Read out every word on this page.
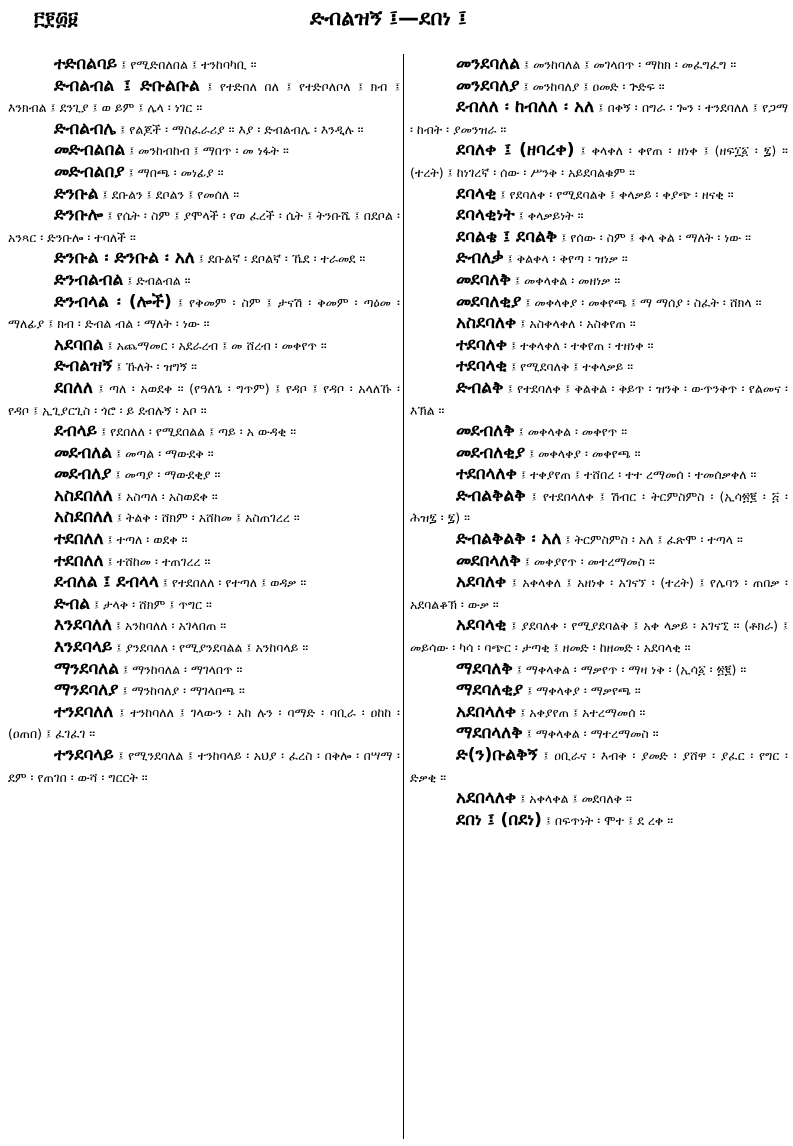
፫፻፴፱	ድብልዝኝ ፤—ደበነ ፤

ተድበልባይ ፤ የሚድበለበል ፤ ተንከባካቢ ።

ድብልብል ፤ ድቡልቡል ፤ የተድበለ በለ ፤ የተድቦለቦለ ፤ ክብ ፤ እንክብል ፤ ደንጊያ ፤ ወ ይም ፤ ሌላ ፡ ነገር ።

ድብልብሌ ፤ የልጆች ፡ ማስፈራሪያ ። እያ ፡ ድብልብሌ ፡ እንዲሉ ።

መድብልበል ፤ መንከብከብ ፤ ማበጥ ፡ መ ነፋት ።

መድብልበያ ፤ ማበጫ ፡ መነፊያ ።

ድንቡል ፤ ደቡልን ፤ ደቦልን ፤ የመሰለ ።

ድንቡሎ ፤ የሴት ፡ ስም ፤ ያሞላች ፡ የወ ፈረች ፡ ሴት ፤ ትንቡሼ ፤ በደቦል ፡ አንጻር ፡ ድንቡሎ ፡ ተባለች ።

ድንቡል ፡ ድንቡል ፡ አለ ፤ ደቡልኛ ፡ ደቦልኛ ፡ ኼደ ፡ ተራመደ ።

ድንብልብል ፤ ድብልብል ።

ድንብላል ፡ (ሎች) ፤ የቅመም ፡ ስም ፤ ታናሽ ፡ ቅመም ፡ ጣዕመ ፡ ማለፊያ ፤ ክብ ፡ ድብል ብል ፡ ማለት ፡ ነው ።

አደባበል ፤ አጨማመር ፡ አደራረብ ፤ መ ሸረብ ፡ መቀየጥ ።

ድብልዝኝ ፤ ኹለት ፡ ዝግኝ ።

ደበለለ ፤ ጣለ ፡ አወደቀ ። (የዓለጌ ፡ ግጥም) ፤ የዳቦ ፤ የዳቦ ፡ አላለኹ ፡ የዳቦ ፤ ኢጊያርጊስ ፡ ጎሮ ፡ ይ ደብሉኝ ፡ አቦ ።

ደብላይ ፤ የደበለለ ፡ የሚደበልል ፤ ጣይ ፡ አ ውዳቂ ።

መደብለል ፤ መጣል ፡ ማውደቅ ።

መደብለያ ፤ መጣያ ፡ ማውደቂያ ።

አስደበለለ ፤ አስጣለ ፡ አስወደቀ ።

አስደበለለ ፤ ትልቅ ፡ ሸክም ፡ አሸከመ ፤ አስጠገረረ ።

ተደበለለ ፤ ተጣለ ፡ ወደቀ ።

ተደበለለ ፤ ተሸከመ ፡ ተጠገረረ ።

ደብለል ፤ ደብላላ ፤ የተደበለለ ፡ የተጣለ ፤ ወዳቃ ።

ድብል ፤ ታላቅ ፡ ሸክም ፤ ጥግር ።

እንደባለለ ፤ አንከባለለ ፡ አገላበጠ ።

እንደባላይ ፤ ያንደባለለ ፡ የሚያንደባልል ፤ አንከባላይ ።

ማንደባለል ፤ ማንከባለል ፡ ማገላበጥ ።

ማንደባለያ ፤ ማንከባለያ ፡ ማገላበጫ ።

ተንደባለለ ፤ ተንከባለለ ፤ ገላውን ፡ አከ ሉን ፡ ባማድ ፡ ባቢራ ፡ ዐከከ ፡ (ዐጠበ) ፤ ፈገፈገ ።

ተንደባላይ ፤ የሚንደባለል ፤ ተንከባላይ ፡ አህያ ፡ ፈረስ ፡ በቅሎ ፡ በሣማ ፡ ደም ፡ የጠገበ ፡ ውሻ ፡ ግርርት ።

መንደባለል ፤ መንከባለል ፤ መገላበጥ ፡ ማከክ ፡ መፈግፈግ ።

መንደባለያ ፤ መንከባለያ ፤ ዐመድ ፡ ጕድፍ ።

ደብለለ ፡ ከብለለ ፡ አለ ፤ በቀኝ ፡ በግራ ፡ ጐን ፡ ተንደባለለ ፤ የጋማ ፡ ከብት ፡ ያመንዝራ ።

ደባለቀ ፤ (ዘባረቀ) ፤ ቀላቀለ ፡ ቀየጠ ፡ ዘነቀ ፤ (ዘፍ፲፩ ፡ ፯) ። (ተረት) ፤ ከነገረኛ ፡ ሰው ፡ ሥንቅ ፡ አይደባልቁም ።

ደባላቂ ፤ የደባለቀ ፡ የሚደባልቅ ፤ ቀላቃይ ፡ ቀያጭ ፡ ዘናቂ ።

ደባላቂነት ፤ ቀላቃይነት ።

ደባልቄ ፤ ደባልቅ ፤ የሰው ፡ ስም ፤ ቀላ ቅል ፡ ማለት ፡ ነው ።

ድብለቃ ፤ ቅልቀላ ፡ ቅየጣ ፡ ዝነቃ ።

መደባለቅ ፤ መቀላቀል ፡ መዘነቃ ።

መደባለቂያ ፤ መቀላቀያ ፡ መቀየጫ ፤ ማ ማሰያ ፡ ስፈት ፡ ሸክላ ።

አስደባለቀ ፤ አስቀላቀለ ፡ አስቀየጠ ።

ተደባለቀ ፤ ተቀላቀለ ፡ ተቀየጠ ፡ ተዘነቀ ።

ተደባላቂ ፤ የሚደባለቅ ፤ ተቀላቃይ ።

ድብልቅ ፤ የተደባለቀ ፤ ቅልቅል ፡ ቅይጥ ፡ ዝንቅ ፡ ውጥንቅጥ ፡ የልመና ፡ እኽል ።

መደብለቅ ፤ መቀላቀል ፡ መቀየጥ ።

መደብለቂያ ፤ መቀላቀያ ፡ መቀየጫ ።

ተደበላለቀ ፤ ተቀያየጠ ፤ ተሸበረ ፡ ተተ ረማመሰ ፡ ተመሰቃቀለ ።

ድብልቅልቅ ፤ የተደበላለቀ ፤ ሽብር ፡ ትርምስምስ ፡ (ኢሳ፳፪ ፡ ፭ ፡ ሕዝ፯ ፡ ፯) ።

ድብልቅልቅ ፡ አለ ፤ ትርምስምስ ፡ አለ ፤ ፈጽሞ ፡ ተጣላ ።

መደበላለቅ ፤ መቀያየጥ ፡ መተረማመስ ።

አደባለቀ ፤ አቀላቀለ ፤ አዘነቀ ፡ አገናኘ ፡ (ተረት) ፤ የሌባን ፡ ጠበቃ ፡ አደባልቆኽ ፡ ውቃ ።

አደባላቂ ፤ ያደባለቀ ፡ የሚያደባልቅ ፤ አቀ ላቃይ ፡ አገናኚ ። (ቶክራ) ፤ መይሳው ፡ ካሳ ፡ ባጭር ፡ ታጣቂ ፤ ዘመድ ፡ ከዘመድ ፡ አደባላቂ ።

ማደባለቅ ፤ ማቀላቀል ፡ ማቃየጥ ፡ ማዛ ነቅ ፡ (ኢሳ፩ ፡ ፳፪) ።

ማደባለቂያ ፤ ማቀላቀያ ፡ ማቃየጫ ።

አደበላለቀ ፤ አቀያየጠ ፤ አተረማመሰ ።

ማደበላለቅ ፤ ማቀላቀል ፡ ማተረማመስ ።

ድ(ን)ቡልቅኝ ፤ ዐቢራና ፡ እብቅ ፡ ያመድ ፡ ያሸዋ ፡ ያፈር ፡ የግር ፡ ድቃቂ ።

አደበላለቀ ፤ አቀላቀል ፤ መደባለቅ ።

ደበነ ፤ (በደነ) ፤ በፍጥነት ፡ ሞተ ፤ ደ ረቀ ።
